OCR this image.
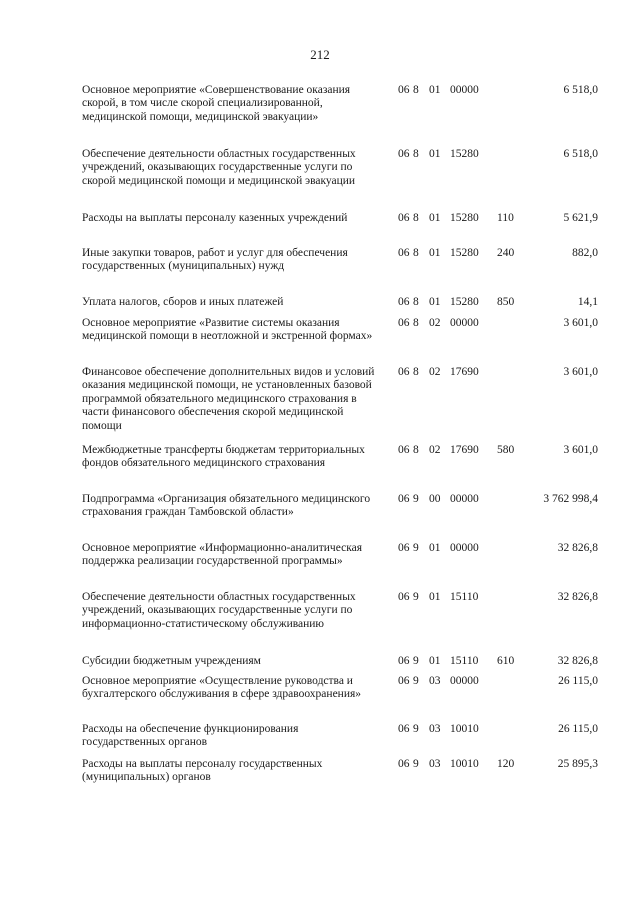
212
Основное мероприятие «Совершенствование оказания скорой, в том числе скорой специализированной, медицинской помощи, медицинской эвакуации»
06 8 01 00000	6 518,0
Обеспечение деятельности областных государственных учреждений, оказывающих государственные услуги по скорой медицинской помощи и медицинской эвакуации
06 8 01 15280	6 518,0
Расходы на выплаты персоналу казенных учреждений	06 8 01 15280 110	5 621,9
Иные закупки товаров, работ и услуг для обеспечения государственных (муниципальных) нужд
06 8 01 15280 240	882,0
Уплата налогов, сборов и иных платежей	06 8 01 15280 850	14,1
Основное мероприятие «Развитие системы оказания медицинской помощи в неотложной и экстренной формах»
06 8 02 00000	3 601,0
Финансовое обеспечение дополнительных видов и условий оказания медицинской помощи, не установленных базовой программой обязательного медицинского страхования в части финансового обеспечения скорой медицинской помощи
06 8 02 17690	3 601,0
Межбюджетные трансферты бюджетам территориальных фондов обязательного медицинского страхования
06 8 02 17690 580	3 601,0
Подпрограмма «Организация обязательного медицинского страхования граждан Тамбовской области»
06 9 00 00000	3 762 998,4
Основное мероприятие «Информационно-аналитическая поддержка реализации государственной программы»
06 9 01 00000	32 826,8
Обеспечение деятельности областных государственных учреждений, оказывающих государственные услуги по информационно-статистическому обслуживанию
06 9 01 15110	32 826,8
Субсидии бюджетным учреждениям	06 9 01 15110 610	32 826,8
Основное мероприятие «Осуществление руководства и бухгалтерского обслуживания в сфере здравоохранения»
06 9 03 00000	26 115,0
Расходы на обеспечение функционирования государственных органов
06 9 03 10010	26 115,0
Расходы на выплаты персоналу государственных (муниципальных) органов
06 9 03 10010 120	25 895,3
